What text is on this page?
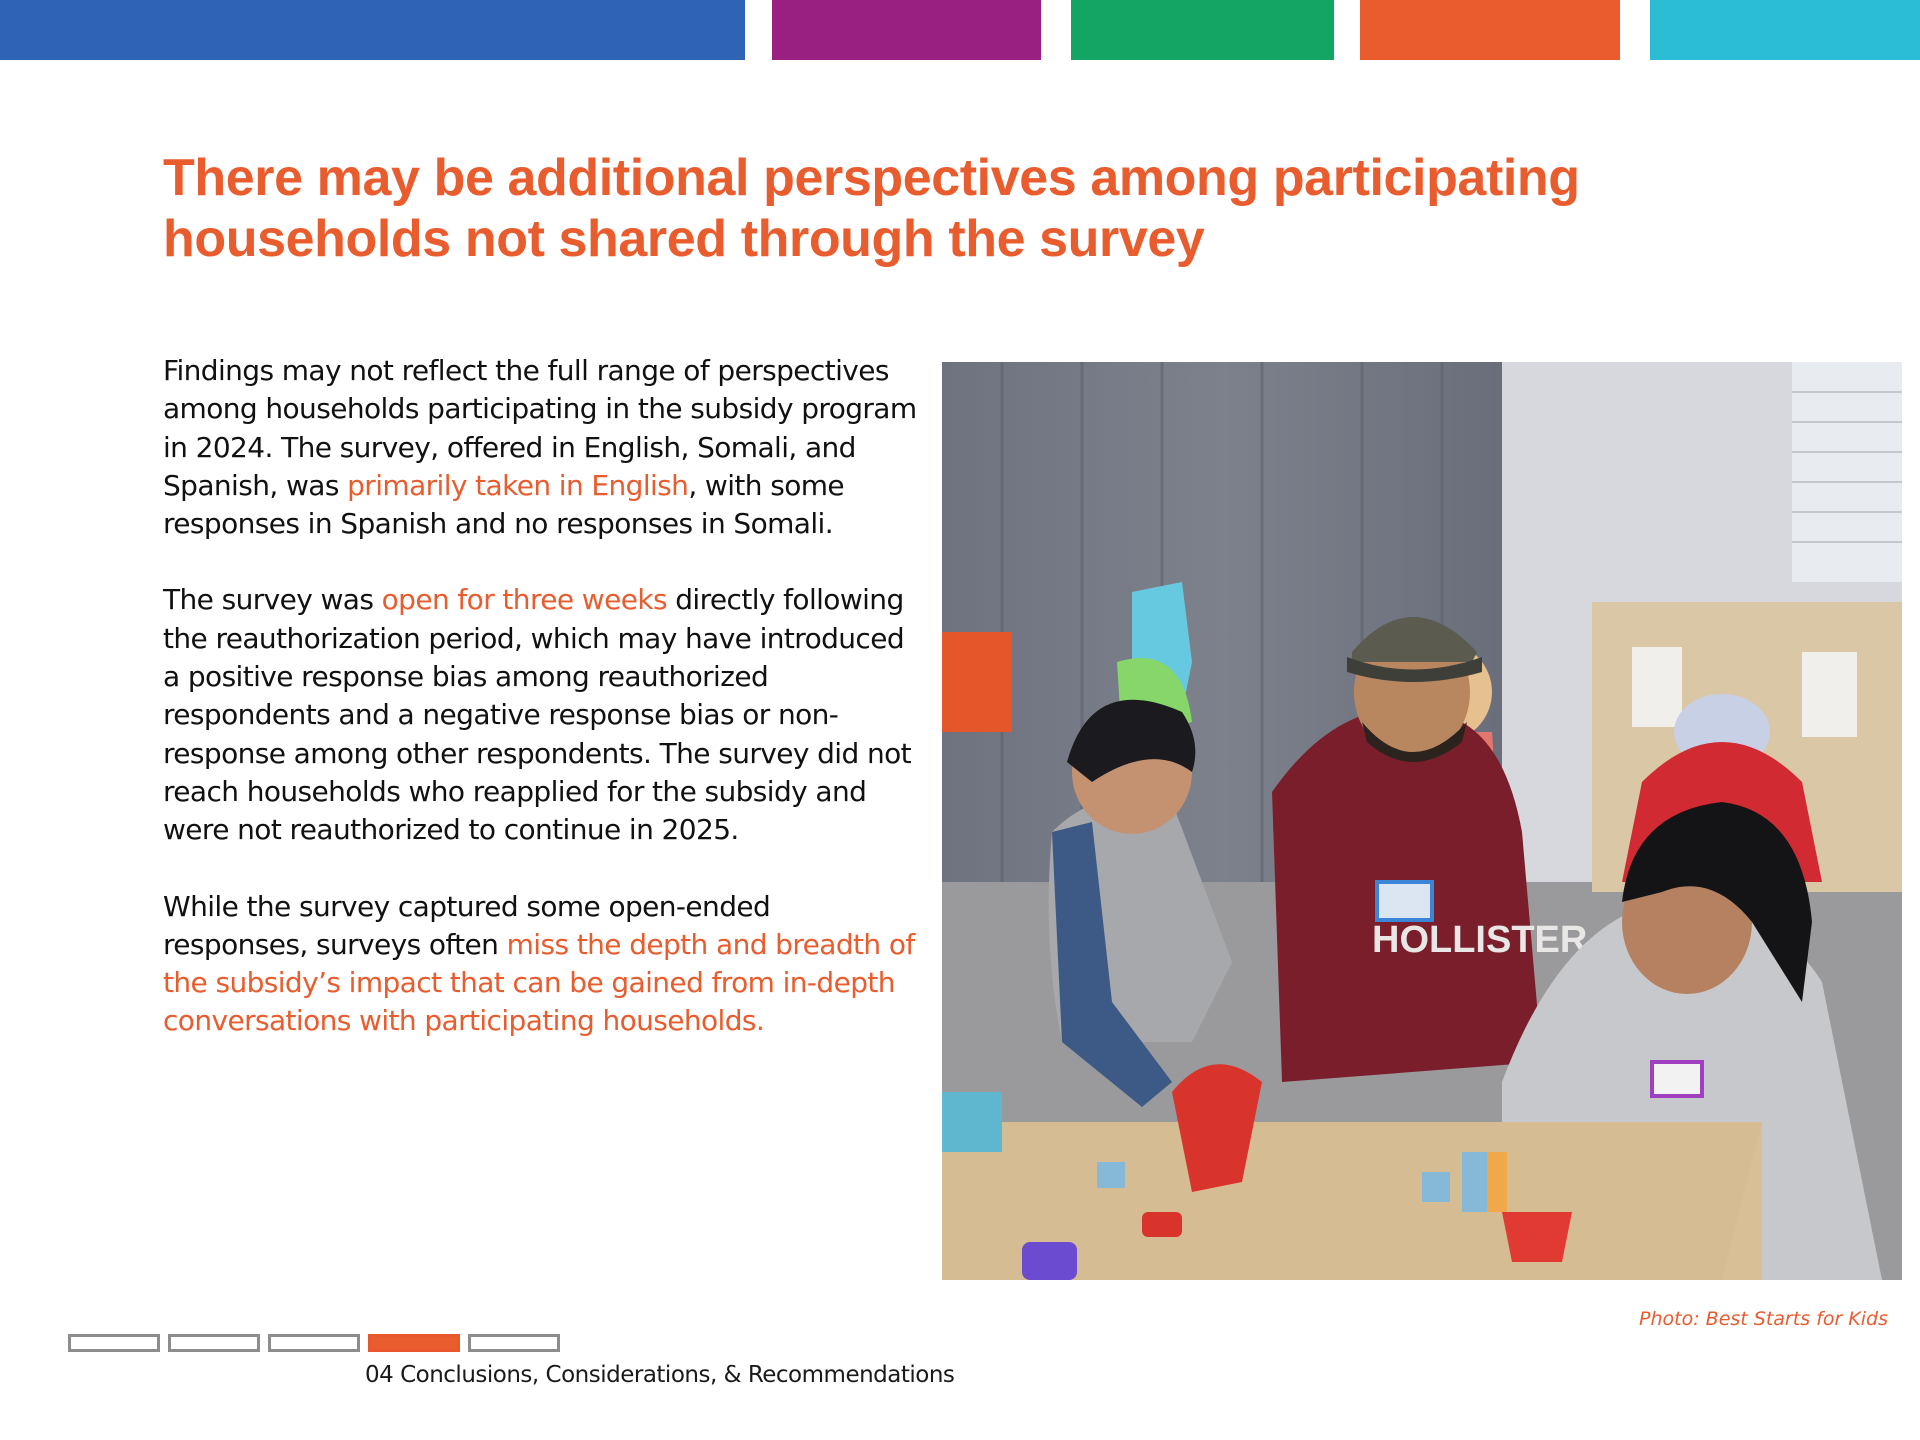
There may be additional perspectives among participating
households not shared through the survey

Findings may not reflect the full range of perspectives among households participating in the subsidy program in 2024. The survey, offered in English, Somali, and Spanish, was primarily taken in English, with some responses in Spanish and no responses in Somali.

The survey was open for three weeks directly following the reauthorization period, which may have introduced a positive response bias among reauthorized respondents and a negative response bias or non-response among other respondents. The survey did not reach households who reapplied for the subsidy and were not reauthorized to continue in 2025.

While the survey captured some open-ended responses, surveys often miss the depth and breadth of the subsidy’s impact that can be gained from in-depth conversations with participating households.

HOLLISTER
Photo: Best Starts for Kids
04 Conclusions, Considerations, & Recommendations
